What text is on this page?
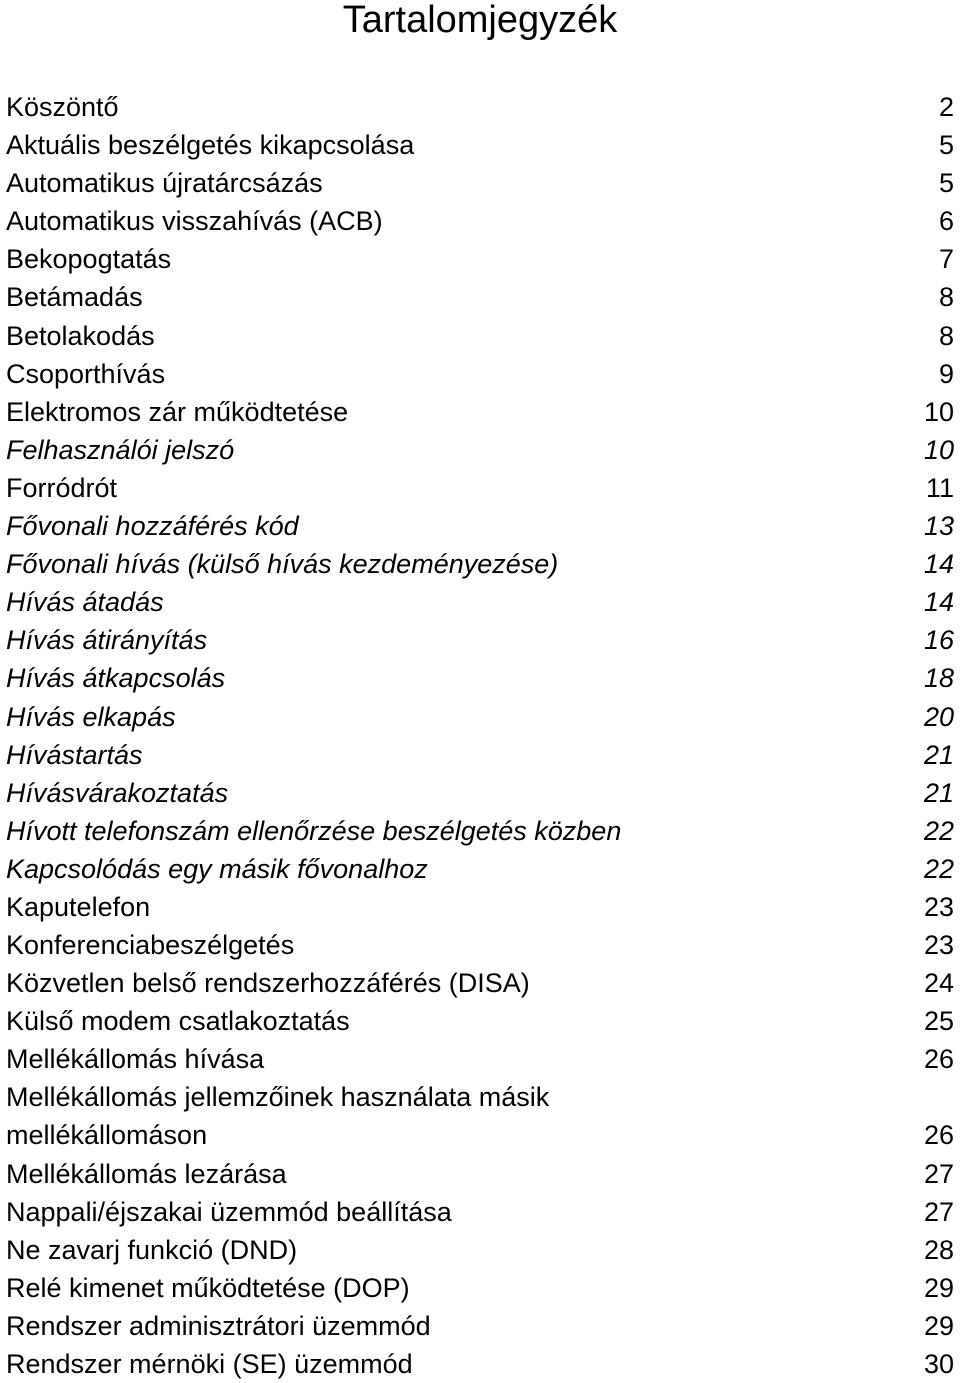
Tartalomjegyzék
Köszöntő ……………………………………………………………………………………………………………………………………………………………………	2
Aktuális beszélgetés kikapcsolása ……………………………………………………………………………………………………………………………………………………………………	5
Automatikus újratárcsázás ……………………………………………………………………………………………………………………………………………………………………	5
Automatikus visszahívás (ACB) ……………………………………………………………………………………………………………………………………………………………………	6
Bekopogtatás ……………………………………………………………………………………………………………………………………………………………………	7
Betámadás ……………………………………………………………………………………………………………………………………………………………………	8
Betolakodás ……………………………………………………………………………………………………………………………………………………………………	8
Csoporthívás ……………………………………………………………………………………………………………………………………………………………………	9
Elektromos zár működtetése ……………………………………………………………………………………………………………………………………………………………………	10
Felhasználói jelszó ……………………………………………………………………………………………………………………………………………………………………	10
Forródrót ……………………………………………………………………………………………………………………………………………………………………	11
Fővonali hozzáférés kód ……………………………………………………………………………………………………………………………………………………………………	13
Fővonali hívás (külső hívás kezdeményezése) ……………………………………………………………………………………………………………………………………………………………………	14
Hívás átadás ……………………………………………………………………………………………………………………………………………………………………	14
Hívás átirányítás ……………………………………………………………………………………………………………………………………………………………………	16
Hívás átkapcsolás ……………………………………………………………………………………………………………………………………………………………………	18
Hívás elkapás ……………………………………………………………………………………………………………………………………………………………………	20
Hívástartás ……………………………………………………………………………………………………………………………………………………………………	21
Hívásvárakoztatás ……………………………………………………………………………………………………………………………………………………………………	21
Hívott telefonszám ellenőrzése beszélgetés közben ……………………………………………………………………………………………………………………………………………………………………	22
Kapcsolódás egy másik fővonalhoz ……………………………………………………………………………………………………………………………………………………………………	22
Kaputelefon ……………………………………………………………………………………………………………………………………………………………………	23
Konferenciabeszélgetés ……………………………………………………………………………………………………………………………………………………………………	23
Közvetlen belső rendszerhozzáférés (DISA) ……………………………………………………………………………………………………………………………………………………………………	24
Külső modem csatlakoztatás ……………………………………………………………………………………………………………………………………………………………………	25
Mellékállomás hívása ……………………………………………………………………………………………………………………………………………………………………	26
Mellékállomás jellemzőinek használata másik
mellékállomáson ……………………………………………………………………………………………………………………………………………………………………	26
Mellékállomás lezárása ……………………………………………………………………………………………………………………………………………………………………	27
Nappali/éjszakai üzemmód beállítása ……………………………………………………………………………………………………………………………………………………………………	27
Ne zavarj funkció (DND) ……………………………………………………………………………………………………………………………………………………………………	28
Relé kimenet működtetése (DOP) ……………………………………………………………………………………………………………………………………………………………………	29
Rendszer adminisztrátori üzemmód ……………………………………………………………………………………………………………………………………………………………………	29
Rendszer mérnöki (SE) üzemmód ……………………………………………………………………………………………………………………………………………………………………	30
